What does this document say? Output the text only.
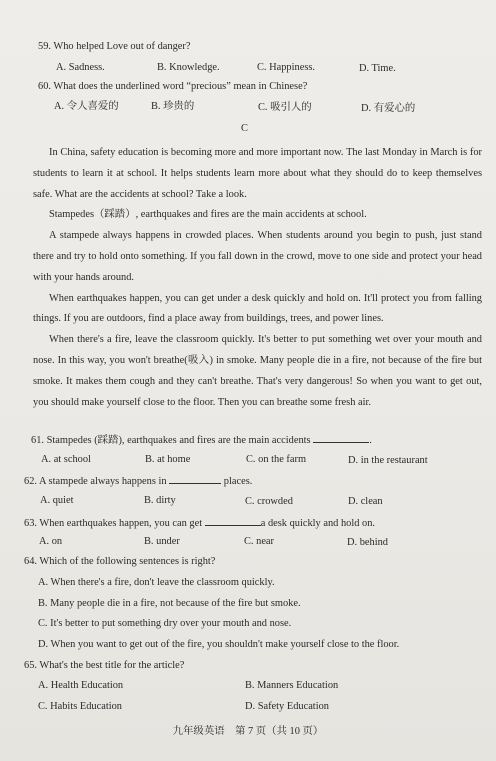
59. Who helped Love out of danger?
A. Sadness.	B. Knowledge.	C. Happiness.	D. Time.
60. What does the underlined word “precious” mean in Chinese?
A. 令人喜爱的	B. 珍贵的	C. 吸引人的	D. 有爱心的
C

In China, safety education is becoming more and more important now. The last Monday in March is for students to learn it at school. It helps students learn more about what they should do to keep themselves safe. What are the accidents at school? Take a look.

Stampedes（踩踏）, earthquakes and fires are the main accidents at school.

A stampede always happens in crowded places. When students around you begin to push, just stand there and try to hold onto something. If you fall down in the crowd, move to one side and protect your head with your hands around.

When earthquakes happen, you can get under a desk quickly and hold on. It'll protect you from falling things. If you are outdoors, find a place away from buildings, trees, and power lines.

When there's a fire, leave the classroom quickly. It's better to put something wet over your mouth and nose. In this way, you won't breathe(吸入) in smoke. Many people die in a fire, not because of the fire but smoke. It makes them cough and they can't breathe. That's very dangerous! So when you want to get out, you should make yourself close to the floor. Then you can breathe some fresh air.

61. Stampedes (踩踏), earthquakes and fires are the main accidents	.
A. at school	B. at home	C. on the farm	D. in the restaurant
62. A stampede always happens in	places.
A. quiet	B. dirty	C. crowded	D. clean
63. When earthquakes happen, you can get	a desk quickly and hold on.
A. on	B. under	C. near	D. behind
64. Which of the following sentences is right?
A. When there's a fire, don't leave the classroom quickly.
B. Many people die in a fire, not because of the fire but smoke.
C. It's better to put something dry over your mouth and nose.
D. When you want to get out of the fire, you shouldn't make yourself close to the floor.
65. What's the best title for the article?
A. Health Education	B. Manners Education
C. Habits Education	D. Safety Education
九年级英语　第 7 页（共 10 页）
